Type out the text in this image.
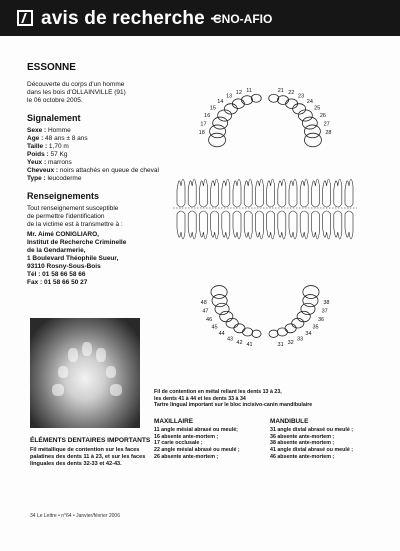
avis de recherche –
CNO-AFIO
ESSONNE
Découverte du corps d'un homme
dans les bois d'OLLAINVILLE (91)
le 06 octobre 2005.
Signalement
Sexe : Homme
Age : 48 ans ± 8 ans
Taille : 1,70 m
Poids : 57 Kg
Yeux : marrons
Cheveux : noirs attachés en queue de cheval
Type : leucoderme
Renseignements
Tout renseignement susceptible
de permettre l'identification
de la victime est à transmettre à :
Mr. Aimé CONIGLIARO,
Institut de Recherche Criminelle
de la Gendarmerie,
1 Boulevard Théophile Sueur,
93110 Rosny-Sous-Bois
Tél : 01 58 66 58 66
Fax : 01 58 66 50 27
11	21
12	22
13	23
14	24
15	25
16	26
17	27
18	28
41	31
42	32
43	33
44	34
45	35
46	36
47	37
48	38
Fil de contention en métal reliant les dents 13 à 23,
les dents 41 à 44 et les dents 33 à 34
Tartre lingual important sur le bloc incisivo-canin mandibulaire
MAXILLAIRE
11 angle mésial abrasé ou meulé;
16 absente ante-mortem ;
17 carie occlusale ;
22 angle mésial abrasé ou meulé ;
26 absente ante-mortem ;
MANDIBULE
31 angle distal abrasé ou meulé ;
36 absente ante-mortem ;
38 absente ante-mortem ;
41 angle distal abrasé ou meulé ;
46 absente ante-mortem ;
ÉLÉMENTS DENTAIRES IMPORTANTS
Fil métallique de contention sur les faces palatines des dents 11 à 23, et sur les faces linguales des dents 32-33 et 42-43.
34 Le Lettre • n°64 • Janvier/février 2006
